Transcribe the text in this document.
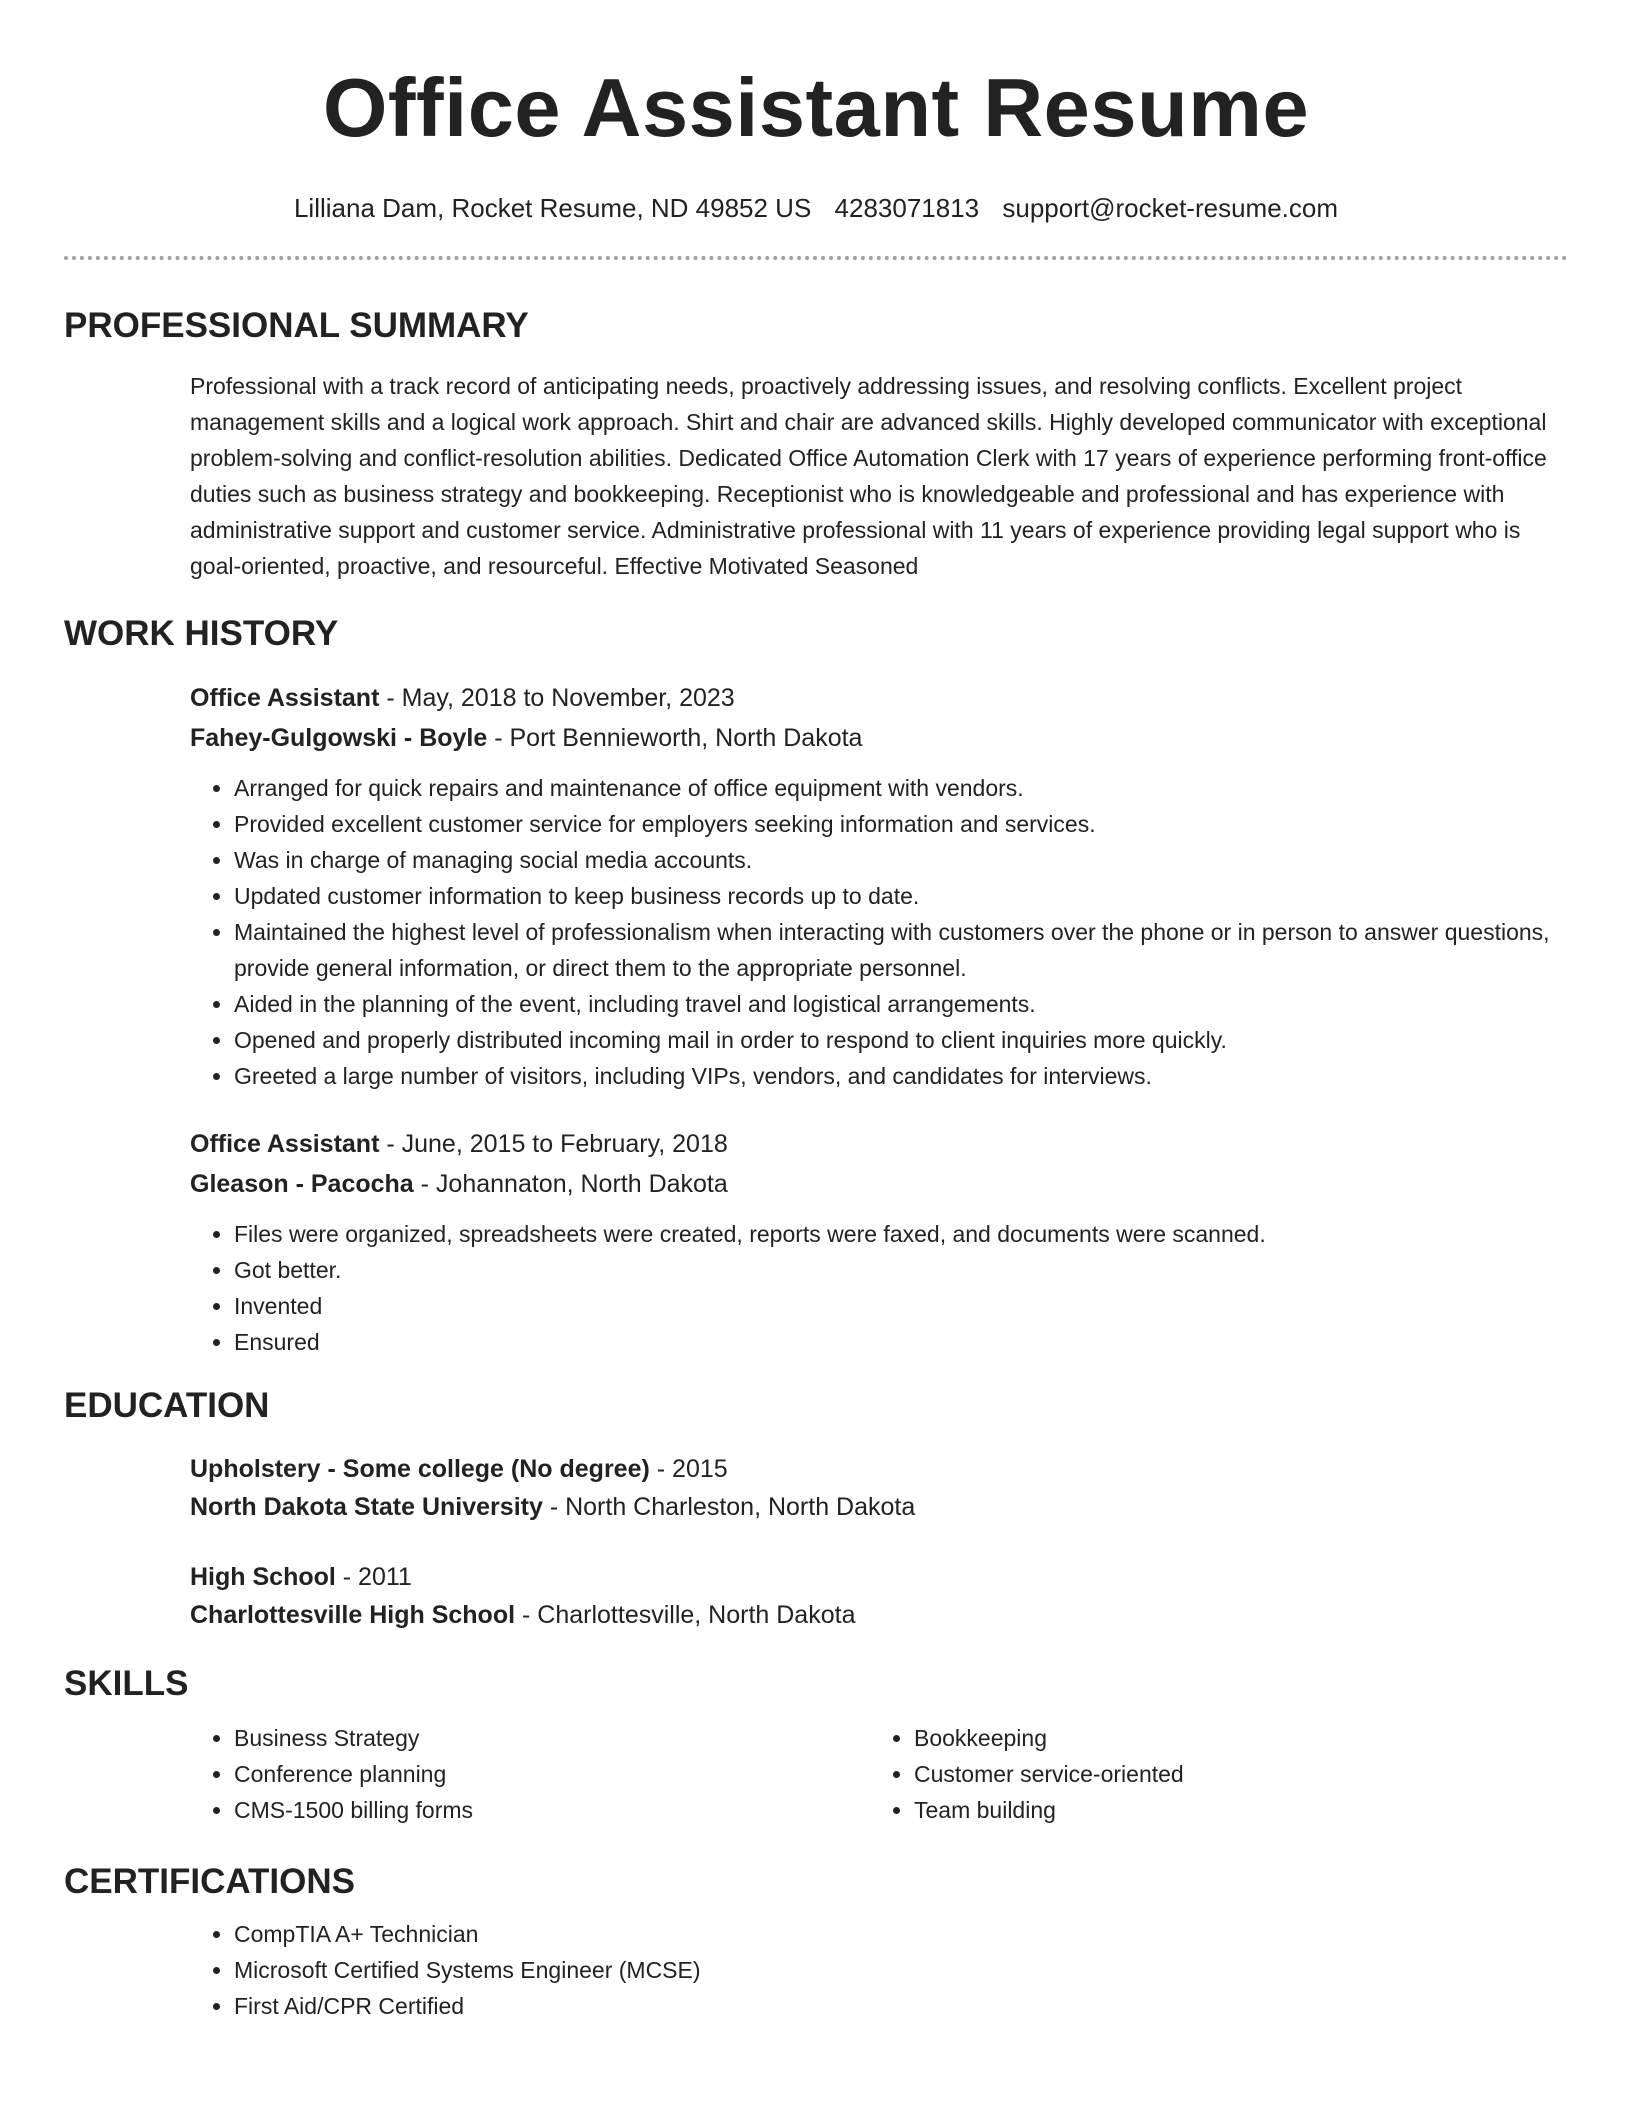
Office Assistant Resume
Lilliana Dam, Rocket Resume, ND 49852 US 4283071813 support@rocket-resume.com
PROFESSIONAL SUMMARY
Professional with a track record of anticipating needs, proactively addressing issues, and resolving conflicts. Excellent project management skills and a logical work approach. Shirt and chair are advanced skills. Highly developed communicator with exceptional problem-solving and conflict-resolution abilities. Dedicated Office Automation Clerk with 17 years of experience performing front-office duties such as business strategy and bookkeeping. Receptionist who is knowledgeable and professional and has experience with administrative support and customer service. Administrative professional with 11 years of experience providing legal support who is goal-oriented, proactive, and resourceful. Effective Motivated Seasoned
WORK HISTORY
Office Assistant - May, 2018 to November, 2023
Fahey-Gulgowski - Boyle - Port Bennieworth, North Dakota
• Arranged for quick repairs and maintenance of office equipment with vendors.
• Provided excellent customer service for employers seeking information and services.
• Was in charge of managing social media accounts.
• Updated customer information to keep business records up to date.
• Maintained the highest level of professionalism when interacting with customers over the phone or in person to answer questions, provide general information, or direct them to the appropriate personnel.
• Aided in the planning of the event, including travel and logistical arrangements.
• Opened and properly distributed incoming mail in order to respond to client inquiries more quickly.
• Greeted a large number of visitors, including VIPs, vendors, and candidates for interviews.
Office Assistant - June, 2015 to February, 2018
Gleason - Pacocha - Johannaton, North Dakota
• Files were organized, spreadsheets were created, reports were faxed, and documents were scanned.
• Got better.
• Invented
• Ensured
EDUCATION
Upholstery - Some college (No degree) - 2015
North Dakota State University - North Charleston, North Dakota
High School - 2011
Charlottesville High School - Charlottesville, North Dakota
SKILLS
• Business Strategy
• Conference planning
• CMS-1500 billing forms
• Bookkeeping
• Customer service-oriented
• Team building
CERTIFICATIONS
• CompTIA A+ Technician
• Microsoft Certified Systems Engineer (MCSE)
• First Aid/CPR Certified
